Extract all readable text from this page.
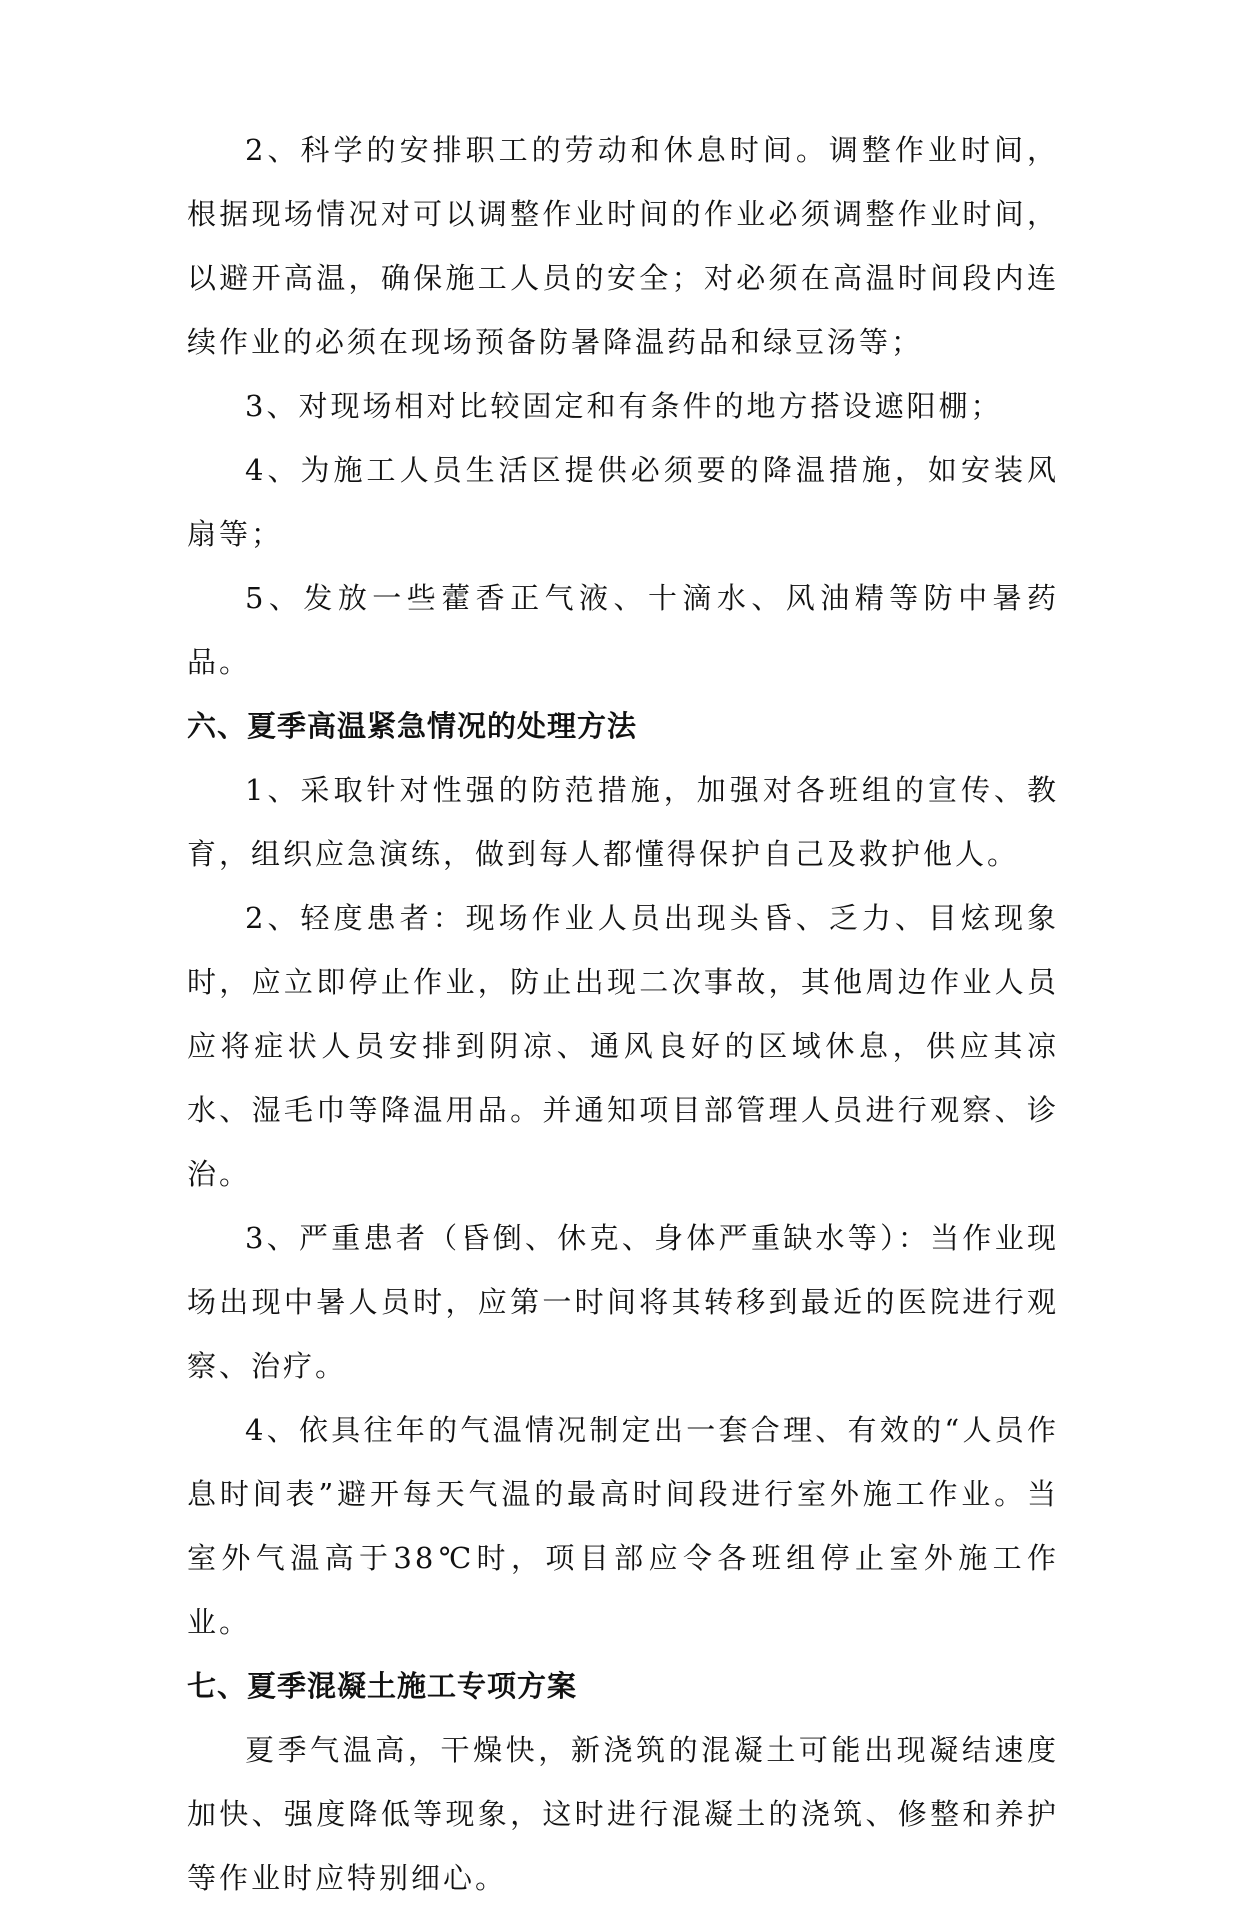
2、科学的安排职工的劳动和休息时间。调整作业时间，根据现场情况对可以调整作业时间的作业必须调整作业时间，以避开高温，确保施工人员的安全；对必须在高温时间段内连续作业的必须在现场预备防暑降温药品和绿豆汤等；

3、对现场相对比较固定和有条件的地方搭设遮阳棚；

4、为施工人员生活区提供必须要的降温措施，如安装风扇等；

5、发放一些藿香正气液、十滴水、风油精等防中暑药品。

六、夏季高温紧急情况的处理方法

1、采取针对性强的防范措施，加强对各班组的宣传、教育，组织应急演练，做到每人都懂得保护自己及救护他人。

2、轻度患者：现场作业人员出现头昏、乏力、目炫现象时，应立即停止作业，防止出现二次事故，其他周边作业人员应将症状人员安排到阴凉、通风良好的区域休息，供应其凉水、湿毛巾等降温用品。并通知项目部管理人员进行观察、诊治。

3、严重患者（昏倒、休克、身体严重缺水等）：当作业现场出现中暑人员时，应第一时间将其转移到最近的医院进行观察、治疗。

4、依具往年的气温情况制定出一套合理、有效的“人员作息时间表”避开每天气温的最高时间段进行室外施工作业。当室外气温高于38℃时，项目部应令各班组停止室外施工作业。

七、夏季混凝土施工专项方案

夏季气温高，干燥快，新浇筑的混凝土可能出现凝结速度加快、强度降低等现象，这时进行混凝土的浇筑、修整和养护等作业时应特别细心。
